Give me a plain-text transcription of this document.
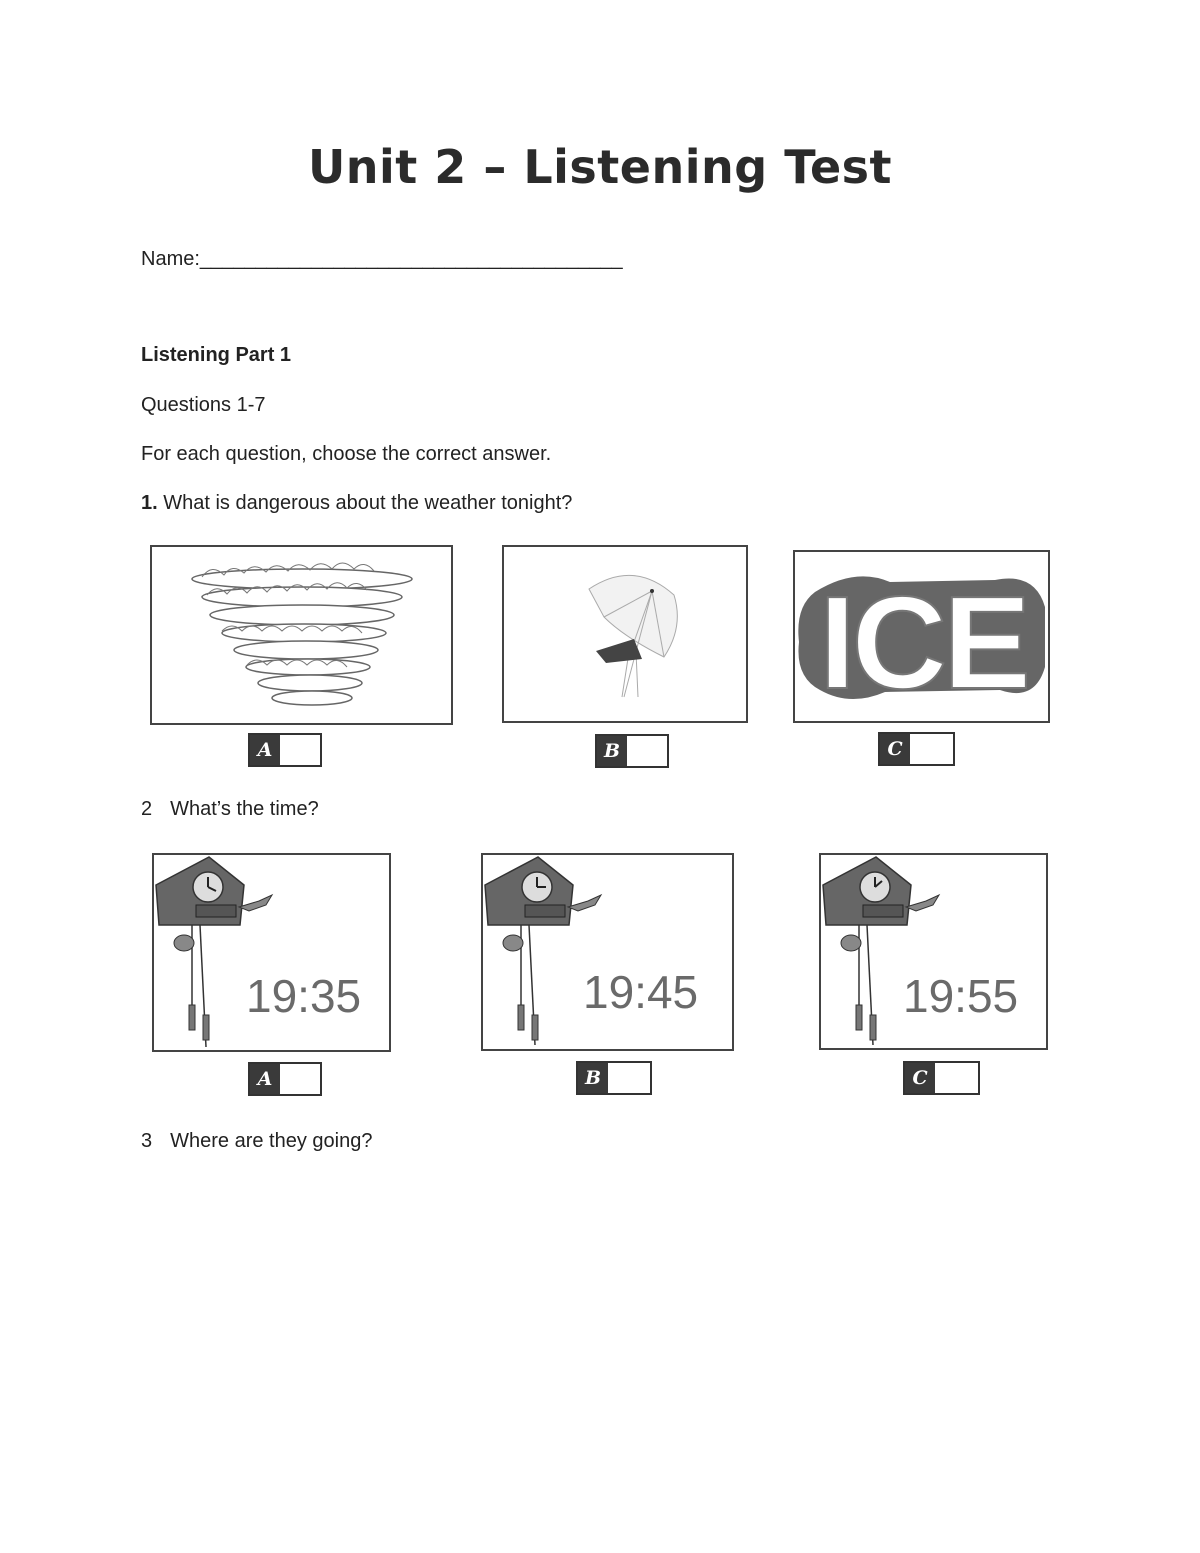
Unit 2 – Listening Test
Name:______________________________________
Listening Part 1
Questions 1-7
For each question, choose the correct answer.
1. What is dangerous about the weather tonight?
A	B
ICE
C
2 What’s the time?
19:35
A
19:45
B
19:55
C
3 Where are they going?
